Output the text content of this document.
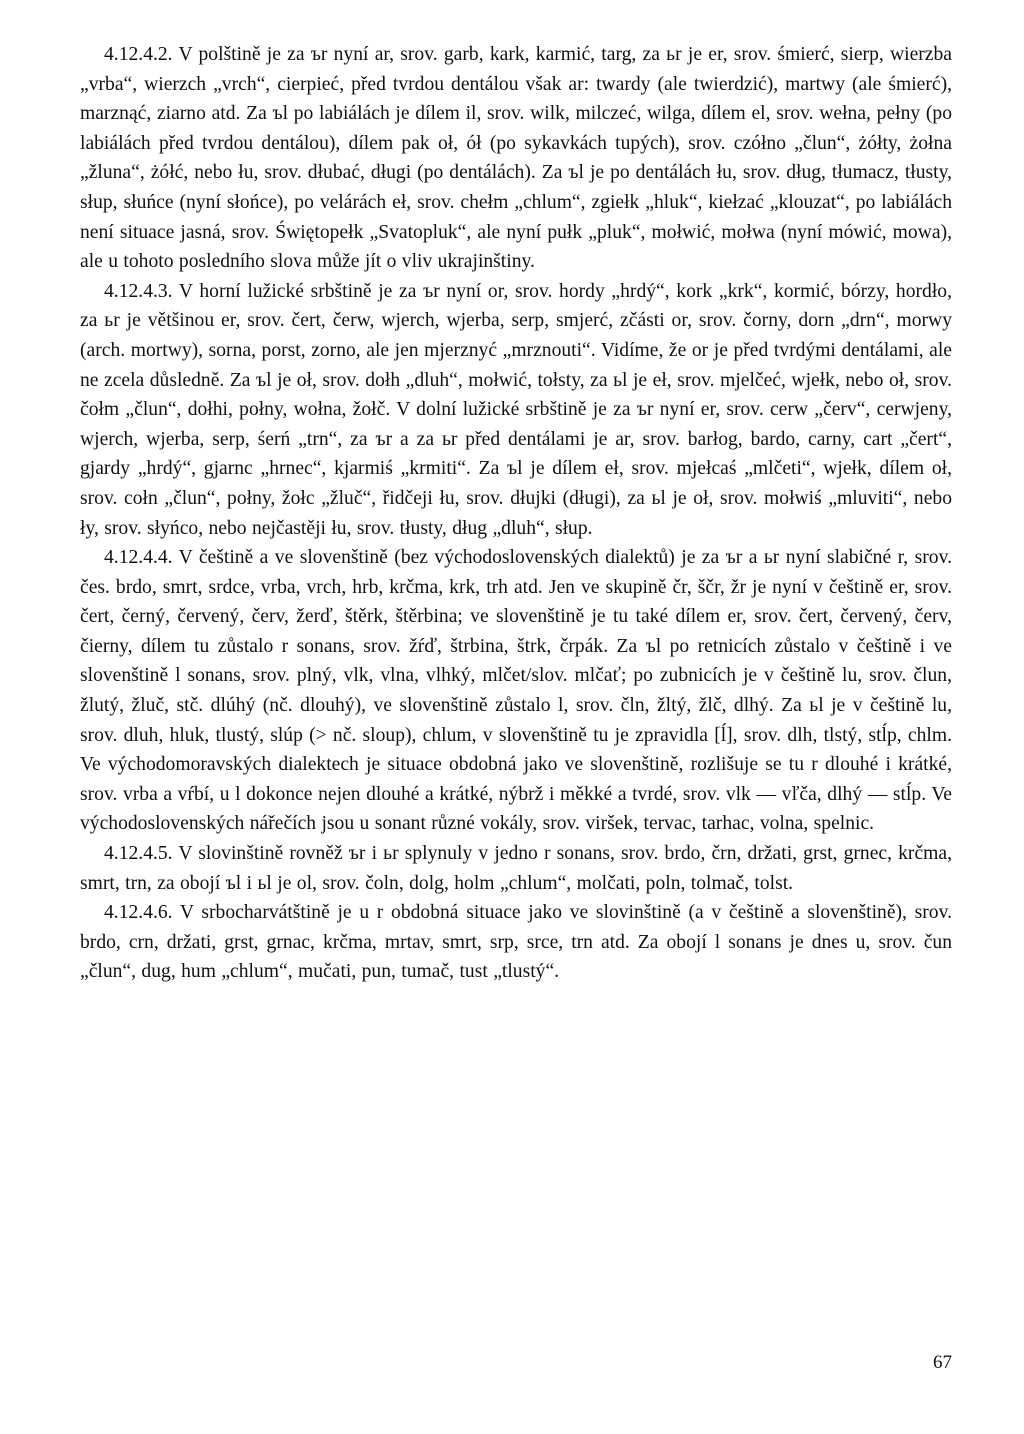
4.12.4.2. V polštině je za ъr nyní ar, srov. garb, kark, karmić, targ, za ьr je er, srov. śmierć, sierp, wierzba „vrba“, wierzch „vrch“, cierpieć, před tvrdou dentálou však ar: twardy (ale twierdzić), martwy (ale śmierć), marznąć, ziarno atd. Za ъl po labiálách je dílem il, srov. wilk, milczeć, wilga, dílem el, srov. wełna, pełny (po labiálách před tvrdou dentálou), dílem pak oł, ół (po sykavkách tupých), srov. czółno „člun“, żółty, żołna „žluna“, żółć, nebo łu, srov. dłubać, długi (po dentálách). Za ъl je po dentálách łu, srov. dług, tłumacz, tłusty, słup, słuńce (nyní słońce), po velárách eł, srov. chełm „chlum“, zgiełk „hluk“, kiełzać „klouzat“, po labiálách není situace jasná, srov. Świętopełk „Svatopluk“, ale nyní pułk „pluk“, mołwić, mołwa (nyní mówić, mowa), ale u tohoto posledního slova může jít o vliv ukrajinštiny.

4.12.4.3. V horní lužické srbštině je za ъr nyní or, srov. hordy „hrdý“, kork „krk“, kormić, bórzy, hordło, za ьr je většinou er, srov. čert, čerw, wjerch, wjerba, serp, smjerć, zčásti or, srov. čorny, dorn „drn“, morwy (arch. mortwy), sorna, porst, zorno, ale jen mjerznyć „mrznouti“. Vidíme, že or je před tvrdými dentálami, ale ne zcela důsledně. Za ъl je oł, srov. dołh „dluh“, mołwić, tołsty, za ьl je eł, srov. mjelčeć, wjełk, nebo oł, srov. čołm „člun“, dołhi, połny, wołna, žołč. V dolní lužické srbštině je za ъr nyní er, srov. cerw „červ“, cerwjeny, wjerch, wjerba, serp, śerń „trn“, za ъr a za ьr před dentálami je ar, srov. barłog, bardo, carny, cart „čert“, gjardy „hrdý“, gjarnc „hrnec“, kjarmiś „krmiti“. Za ъl je dílem eł, srov. mjełcaś „mlčeti“, wjełk, dílem oł, srov. cołn „člun“, połny, žołc „žluč“, řidčeji łu, srov. dłujki (długi), za ьl je oł, srov. mołwiś „mluviti“, nebo ły, srov. słyńco, nebo nejčastěji łu, srov. tłusty, dług „dluh“, słup.

4.12.4.4. V češtině a ve slovenštině (bez východoslovenských dialektů) je za ъr a ьr nyní slabičné r, srov. čes. brdo, smrt, srdce, vrba, vrch, hrb, krčma, krk, trh atd. Jen ve skupině čr, ščr, žr je nyní v češtině er, srov. čert, černý, červený, červ, žerď, štěrk, štěrbina; ve slovenštině je tu také dílem er, srov. čert, červený, červ, čierny, dílem tu zůstalo r sonans, srov. žŕď, štrbina, štrk, črpák. Za ъl po retnicích zůstalo v češtině i ve slovenštině l sonans, srov. plný, vlk, vlna, vlhký, mlčet/slov. mlčať; po zubnicích je v češtině lu, srov. člun, žlutý, žluč, stč. dlúhý (nč. dlouhý), ve slovenštině zůstalo l, srov. čln, žltý, žlč, dlhý. Za ьl je v češtině lu, srov. dluh, hluk, tlustý, slúp (> nč. sloup), chlum, v slovenštině tu je zpravidla [ĺ], srov. dlh, tlstý, stĺp, chlm. Ve východomoravských dialektech je situace obdobná jako ve slovenštině, rozlišuje se tu r dlouhé i krátké, srov. vrba a vŕbí, u l dokonce nejen dlouhé a krátké, nýbrž i měkké a tvrdé, srov. vlk — vľča, dlhý — stĺp. Ve východoslovenských nářečích jsou u sonant různé vokály, srov. viršek, tervac, tarhac, volna, spelnic.

4.12.4.5. V slovinštině rovněž ъr i ьr splynuly v jedno r sonans, srov. brdo, črn, držati, grst, grnec, krčma, smrt, trn, za obojí ъl i ьl je ol, srov. čoln, dolg, holm „chlum“, molčati, poln, tolmač, tolst.

4.12.4.6. V srbocharvátštině je u r obdobná situace jako ve slovinštině (a v češtině a slovenštině), srov. brdo, crn, držati, grst, grnac, krčma, mrtav, smrt, srp, srce, trn atd. Za obojí l sonans je dnes u, srov. čun „člun“, dug, hum „chlum“, mučati, pun, tumač, tust „tlustý“.

67
